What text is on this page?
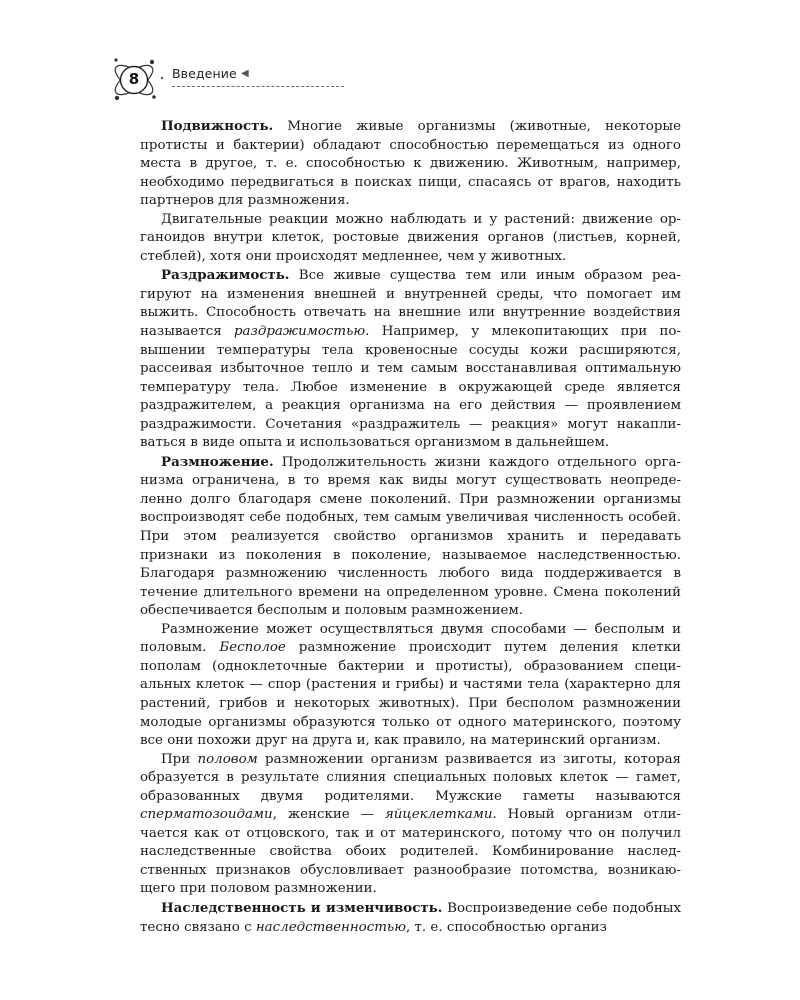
8	Введение ◀

Подвижность. Многие живые организмы (животные, некоторые протисты и бактерии) обладают способностью перемещаться из одного места в другое, т. е. способностью к движению. Животным, например, необходимо передвигаться в поисках пищи, спасаясь от врагов, находить партнеров для размножения.

Двигательные реакции можно наблюдать и у растений: движение органоидов внутри клеток, ростовые движения органов (листьев, корней, стеблей), хотя они происходят медленнее, чем у животных.

Раздражимость. Все живые существа тем или иным образом реагируют на изменения внешней и внутренней среды, что помогает им выжить. Способность отвечать на внешние или внутренние воздействия называется раздражимостью. Например, у млекопитающих при повышении температуры тела кровеносные сосуды кожи расширяются, рассеивая избыточное тепло и тем самым восстанавливая оптимальную температуру тела. Любое изменение в окружающей среде является раздражителем, а реакция организма на его действия — проявлением раздражимости. Сочетания «раздражитель — реакция» могут накапливаться в виде опыта и использоваться организмом в дальнейшем.

Размножение. Продолжительность жизни каждого отдельного организма ограничена, в то время как виды могут существовать неопределенно долго благодаря смене поколений. При размножении организмы воспроизводят себе подобных, тем самым увеличивая численность особей. При этом реализуется свойство организмов хранить и передавать признаки из поколения в поколение, называемое наследственностью. Благодаря размножению численность любого вида поддерживается в течение длительного времени на определенном уровне. Смена поколений обеспечивается бесполым и половым размножением.

Размножение может осуществляться двумя способами — бесполым и половым. Бесполое размножение происходит путем деления клетки пополам (одноклеточные бактерии и протисты), образованием специальных клеток — спор (растения и грибы) и частями тела (характерно для растений, грибов и некоторых животных). При бесполом размножении молодые организмы образуются только от одного материнского, поэтому все они похожи друг на друга и, как правило, на материнский организм.

При половом размножении организм развивается из зиготы, которая образуется в результате слияния специальных половых клеток — гамет, образованных двумя родителями. Мужские гаметы называются сперматозоидами, женские — яйцеклетками. Новый организм отличается как от отцовского, так и от материнского, потому что он получил наследственные свойства обоих родителей. Комбинирование наследственных признаков обусловливает разнообразие потомства, возникающего при половом размножении.

Наследственность и изменчивость. Воспроизведение себе подобных тесно связано с наследственностью, т. е. способностью организ
